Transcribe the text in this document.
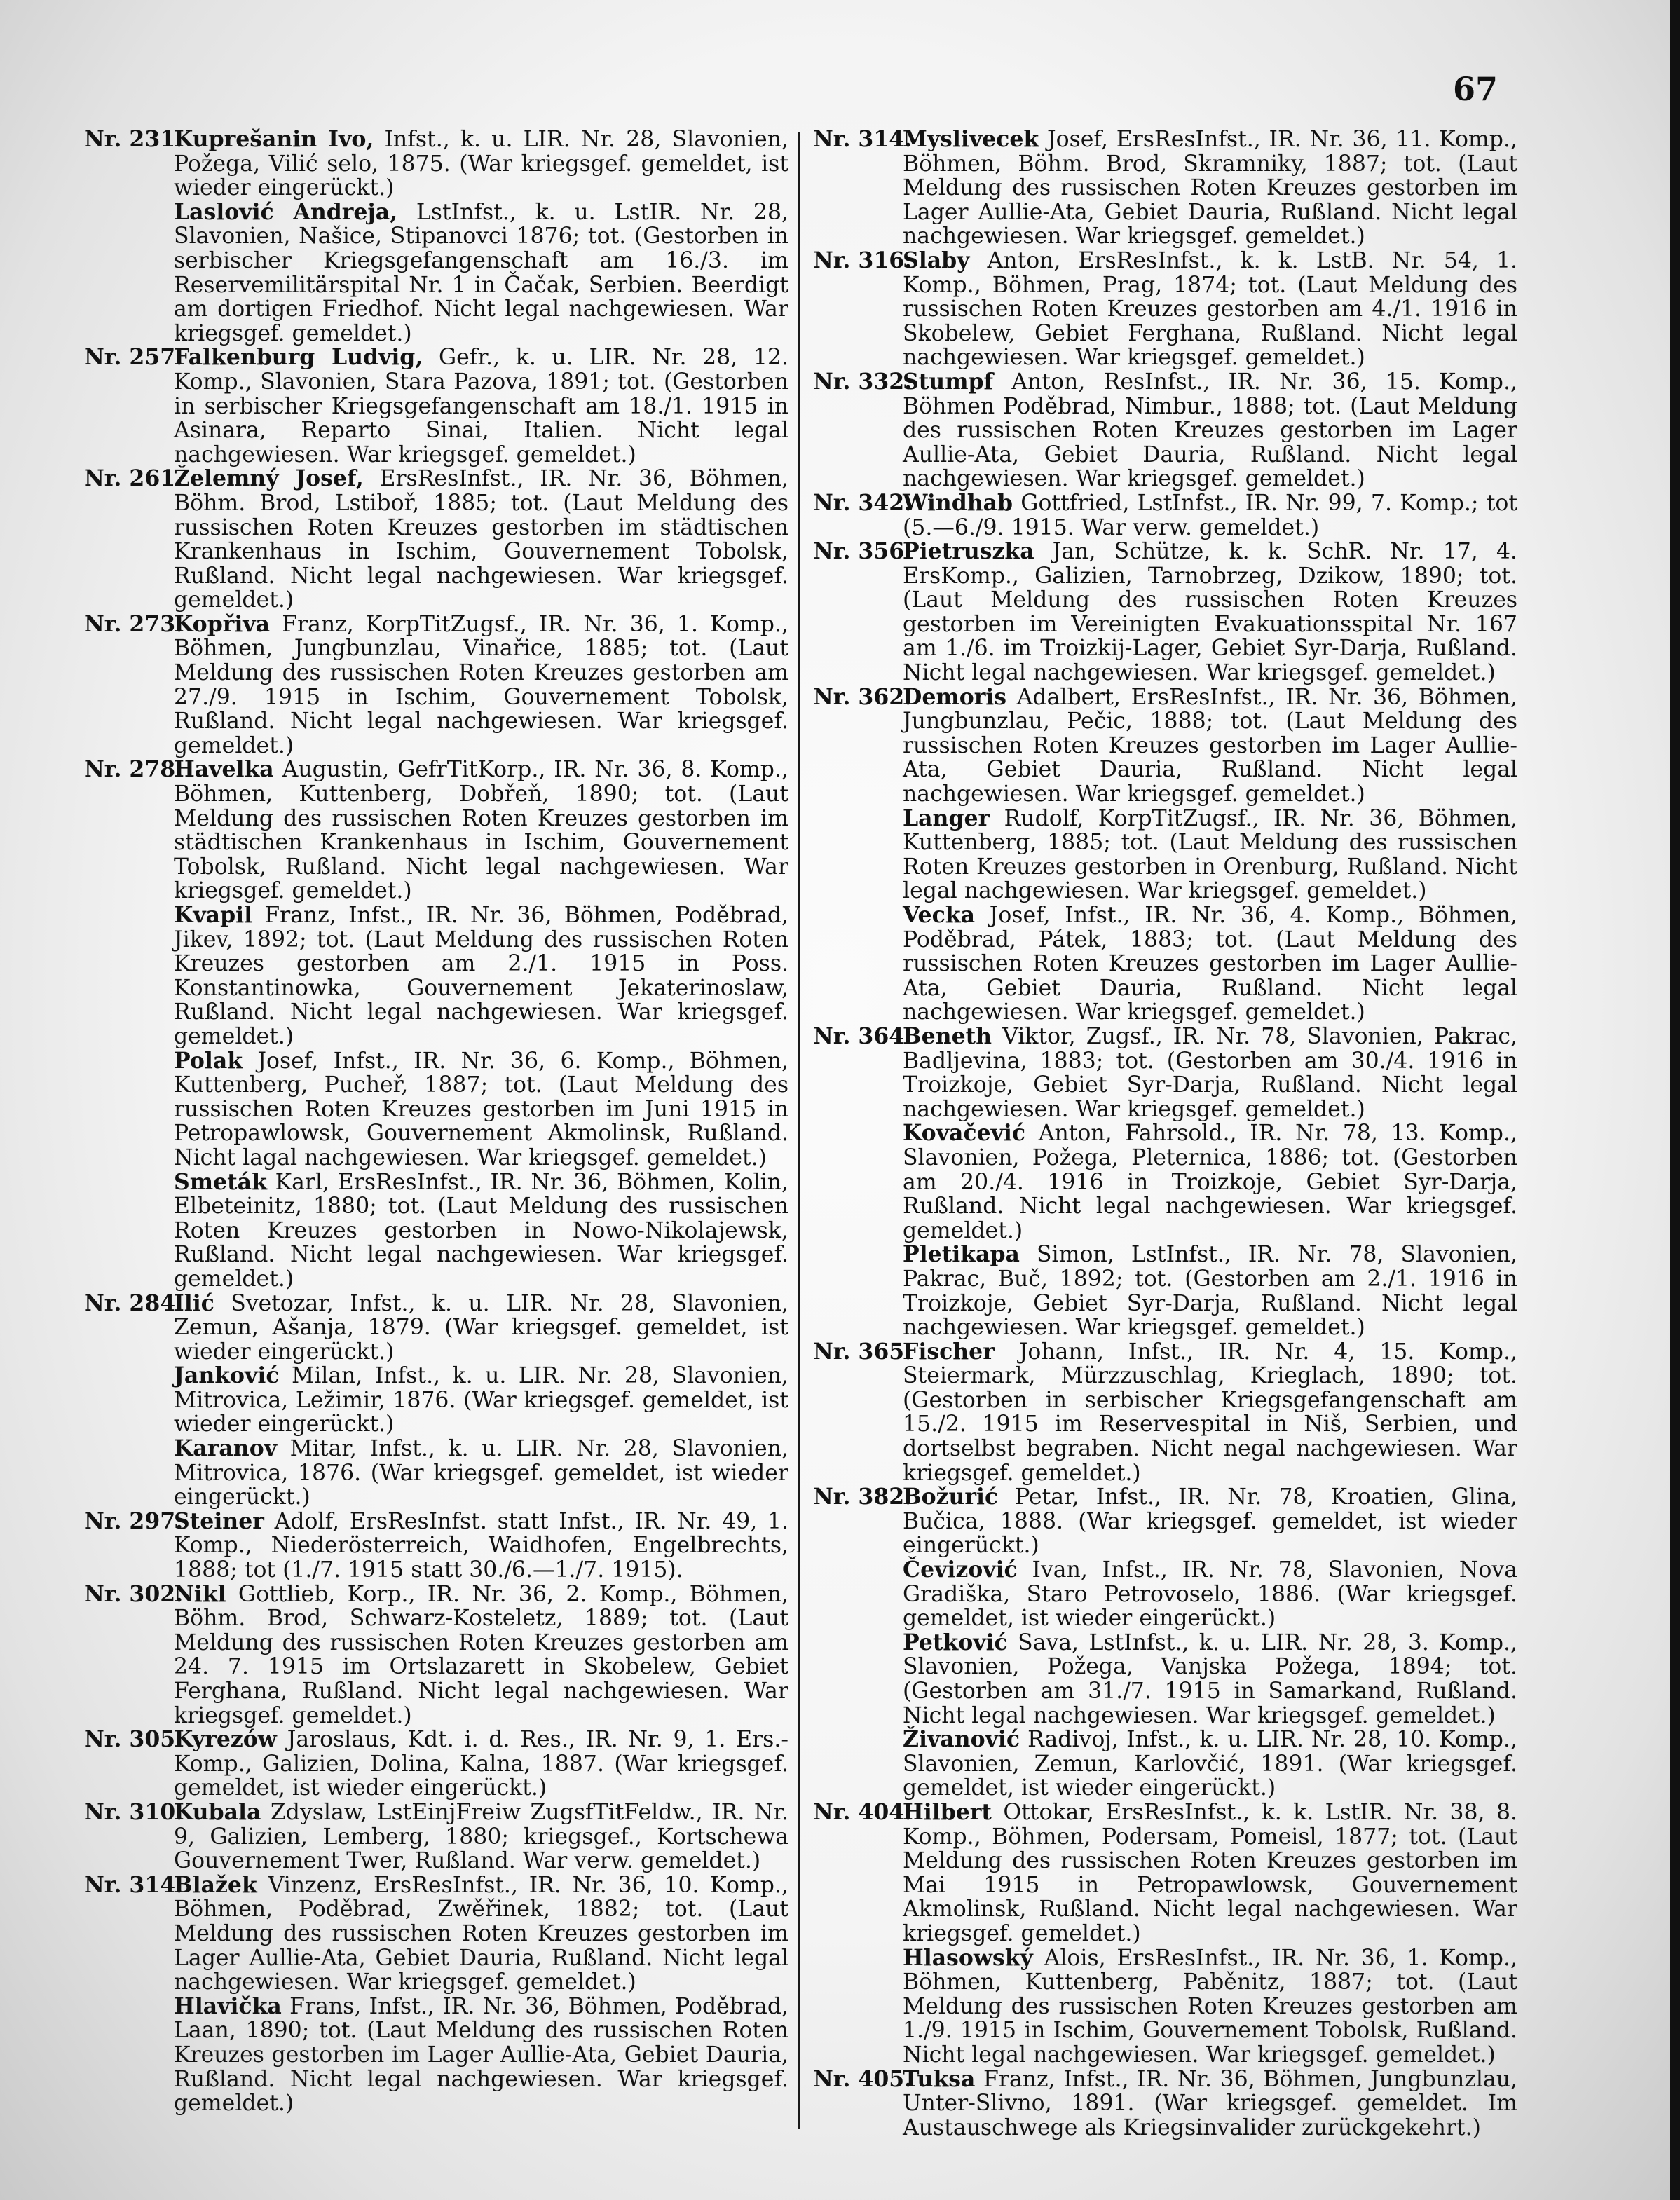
67
Nr. 231.
Kuprešanin Ivo, Infst., k. u. LIR. Nr. 28, Slavonien, Požega, Vilić selo, 1875. (War kriegsgef. gemeldet, ist wieder eingerückt.)
Laslović Andreja, LstInfst., k. u. LstIR. Nr. 28, Slavonien, Našice, Stipanovci 1876; tot. (Gestorben in serbischer Kriegsgefangenschaft am 16./3. im Reservemilitärspital Nr. 1 in Čačak, Serbien. Beerdigt am dortigen Friedhof. Nicht legal nachgewiesen. War kriegsgef. gemeldet.)
Nr. 257.
Falkenburg Ludvig, Gefr., k. u. LIR. Nr. 28, 12. Komp., Slavonien, Stara Pazova, 1891; tot. (Gestorben in serbischer Kriegsgefangenschaft am 18./1. 1915 in Asinara, Reparto Sinai, Italien. Nicht legal nachgewiesen. War kriegsgef. gemeldet.)
Nr. 261.
Želemný Josef, ErsResInfst., IR. Nr. 36, Böhmen, Böhm. Brod, Lstiboř, 1885; tot. (Laut Meldung des russischen Roten Kreuzes gestorben im städtischen Krankenhaus in Ischim, Gouvernement Tobolsk, Rußland. Nicht legal nachgewiesen. War kriegsgef. gemeldet.)
Nr. 273.
Kopřiva Franz, KorpTitZugsf., IR. Nr. 36, 1. Komp., Böhmen, Jungbunzlau, Vinařice, 1885; tot. (Laut Meldung des russischen Roten Kreuzes gestorben am 27./9. 1915 in Ischim, Gouvernement Tobolsk, Rußland. Nicht legal nachgewiesen. War kriegsgef. gemeldet.)
Nr. 278.
Havelka Augustin, GefrTitKorp., IR. Nr. 36, 8. Komp., Böhmen, Kuttenberg, Dobřeň, 1890; tot. (Laut Meldung des russischen Roten Kreuzes gestorben im städtischen Krankenhaus in Ischim, Gouvernement Tobolsk, Rußland. Nicht legal nachgewiesen. War kriegsgef. gemeldet.)
Kvapil Franz, Infst., IR. Nr. 36, Böhmen, Poděbrad, Jikev, 1892; tot. (Laut Meldung des russischen Roten Kreuzes gestorben am 2./1. 1915 in Poss. Konstantinowka, Gouvernement Jekaterinoslaw, Rußland. Nicht legal nachgewiesen. War kriegsgef. gemeldet.)
Polak Josef, Infst., IR. Nr. 36, 6. Komp., Böhmen, Kuttenberg, Pucheř, 1887; tot. (Laut Meldung des russischen Roten Kreuzes gestorben im Juni 1915 in Petropawlowsk, Gouvernement Akmolinsk, Rußland. Nicht lagal nachgewiesen. War kriegsgef. gemeldet.)
Smeták Karl, ErsResInfst., IR. Nr. 36, Böhmen, Kolin, Elbeteinitz, 1880; tot. (Laut Meldung des russischen Roten Kreuzes gestorben in Nowo-Nikolajewsk, Rußland. Nicht legal nachgewiesen. War kriegsgef. gemeldet.)
Nr. 284.
Ilić Svetozar, Infst., k. u. LIR. Nr. 28, Slavonien, Zemun, Ašanja, 1879. (War kriegsgef. gemeldet, ist wieder eingerückt.)
Janković Milan, Infst., k. u. LIR. Nr. 28, Slavonien, Mitrovica, Ležimir, 1876. (War kriegsgef. gemeldet, ist wieder eingerückt.)
Karanov Mitar, Infst., k. u. LIR. Nr. 28, Slavonien, Mitrovica, 1876. (War kriegsgef. gemeldet, ist wieder eingerückt.)
Nr. 297.
Steiner Adolf, ErsResInfst. statt Infst., IR. Nr. 49, 1. Komp., Niederösterreich, Waidhofen, Engelbrechts, 1888; tot (1./7. 1915 statt 30./6.—1./7. 1915).
Nr. 302.
Nikl Gottlieb, Korp., IR. Nr. 36, 2. Komp., Böhmen, Böhm. Brod, Schwarz-Kosteletz, 1889; tot. (Laut Meldung des russischen Roten Kreuzes gestorben am 24. 7. 1915 im Ortslazarett in Skobelew, Gebiet Ferghana, Rußland. Nicht legal nachgewiesen. War kriegsgef. gemeldet.)
Nr. 305.
Kyrezów Jaroslaus, Kdt. i. d. Res., IR. Nr. 9, 1. Ers.-Komp., Galizien, Dolina, Kalna, 1887. (War kriegsgef. gemeldet, ist wieder eingerückt.)
Nr. 310.
Kubala Zdyslaw, LstEinjFreiw ZugsfTitFeldw., IR. Nr. 9, Galizien, Lemberg, 1880; kriegsgef., Kortschewa Gouvernement Twer, Rußland. War verw. gemeldet.)
Nr. 314.
Blažek Vinzenz, ErsResInfst., IR. Nr. 36, 10. Komp., Böhmen, Poděbrad, Zwěřinek, 1882; tot. (Laut Meldung des russischen Roten Kreuzes gestorben im Lager Aullie-Ata, Gebiet Dauria, Rußland. Nicht legal nachgewiesen. War kriegsgef. gemeldet.)
Hlavička Frans, Infst., IR. Nr. 36, Böhmen, Poděbrad, Laan, 1890; tot. (Laut Meldung des russischen Roten Kreuzes gestorben im Lager Aullie-Ata, Gebiet Dauria, Rußland. Nicht legal nachgewiesen. War kriegsgef. gemeldet.)
Nr. 314.
Myslivecek Josef, ErsResInfst., IR. Nr. 36, 11. Komp., Böhmen, Böhm. Brod, Skramniky, 1887; tot. (Laut Meldung des russischen Roten Kreuzes gestorben im Lager Aullie-Ata, Gebiet Dauria, Rußland. Nicht legal nachgewiesen. War kriegsgef. gemeldet.)
Nr. 316.
Slaby Anton, ErsResInfst., k. k. LstB. Nr. 54, 1. Komp., Böhmen, Prag, 1874; tot. (Laut Meldung des russischen Roten Kreuzes gestorben am 4./1. 1916 in Skobelew, Gebiet Ferghana, Rußland. Nicht legal nachgewiesen. War kriegsgef. gemeldet.)
Nr. 332.
Stumpf Anton, ResInfst., IR. Nr. 36, 15. Komp., Böhmen Poděbrad, Nimbur., 1888; tot. (Laut Meldung des russischen Roten Kreuzes gestorben im Lager Aullie-Ata, Gebiet Dauria, Rußland. Nicht legal nachgewiesen. War kriegsgef. gemeldet.)
Nr. 342.
Windhab Gottfried, LstInfst., IR. Nr. 99, 7. Komp.; tot (5.—6./9. 1915. War verw. gemeldet.)
Nr. 356.
Pietruszka Jan, Schütze, k. k. SchR. Nr. 17, 4. ErsKomp., Galizien, Tarnobrzeg, Dzikow, 1890; tot. (Laut Meldung des russischen Roten Kreuzes gestorben im Vereinigten Evakuationsspital Nr. 167 am 1./6. im Troizkij-Lager, Gebiet Syr-Darja, Rußland. Nicht legal nachgewiesen. War kriegsgef. gemeldet.)
Nr. 362.
Demoris Adalbert, ErsResInfst., IR. Nr. 36, Böhmen, Jungbunzlau, Pečic, 1888; tot. (Laut Meldung des russischen Roten Kreuzes gestorben im Lager Aullie-Ata, Gebiet Dauria, Rußland. Nicht legal nachgewiesen. War kriegsgef. gemeldet.)
Langer Rudolf, KorpTitZugsf., IR. Nr. 36, Böhmen, Kuttenberg, 1885; tot. (Laut Meldung des russischen Roten Kreuzes gestorben in Orenburg, Rußland. Nicht legal nachgewiesen. War kriegsgef. gemeldet.)
Vecka Josef, Infst., IR. Nr. 36, 4. Komp., Böhmen, Poděbrad, Pátek, 1883; tot. (Laut Meldung des russischen Roten Kreuzes gestorben im Lager Aullie-Ata, Gebiet Dauria, Rußland. Nicht legal nachgewiesen. War kriegsgef. gemeldet.)
Nr. 364.
Beneth Viktor, Zugsf., IR. Nr. 78, Slavonien, Pakrac, Badljevina, 1883; tot. (Gestorben am 30./4. 1916 in Troizkoje, Gebiet Syr-Darja, Rußland. Nicht legal nachgewiesen. War kriegsgef. gemeldet.)
Kovačević Anton, Fahrsold., IR. Nr. 78, 13. Komp., Slavonien, Požega, Pleternica, 1886; tot. (Gestorben am 20./4. 1916 in Troizkoje, Gebiet Syr-Darja, Rußland. Nicht legal nachgewiesen. War kriegsgef. gemeldet.)
Pletikapa Simon, LstInfst., IR. Nr. 78, Slavonien, Pakrac, Buč, 1892; tot. (Gestorben am 2./1. 1916 in Troizkoje, Gebiet Syr-Darja, Rußland. Nicht legal nachgewiesen. War kriegsgef. gemeldet.)
Nr. 365.
Fischer Johann, Infst., IR. Nr. 4, 15. Komp., Steiermark, Mürzzuschlag, Krieglach, 1890; tot. (Gestorben in serbischer Kriegsgefangenschaft am 15./2. 1915 im Reservespital in Niš, Serbien, und dortselbst begraben. Nicht negal nachgewiesen. War kriegsgef. gemeldet.)
Nr. 382.
Božurić Petar, Infst., IR. Nr. 78, Kroatien, Glina, Bučica, 1888. (War kriegsgef. gemeldet, ist wieder eingerückt.)
Čevizović Ivan, Infst., IR. Nr. 78, Slavonien, Nova Gradiška, Staro Petrovoselo, 1886. (War kriegsgef. gemeldet, ist wieder eingerückt.)
Petković Sava, LstInfst., k. u. LIR. Nr. 28, 3. Komp., Slavonien, Požega, Vanjska Požega, 1894; tot. (Gestorben am 31./7. 1915 in Samarkand, Rußland. Nicht legal nachgewiesen. War kriegsgef. gemeldet.)
Živanović Radivoj, Infst., k. u. LIR. Nr. 28, 10. Komp., Slavonien, Zemun, Karlovčić, 1891. (War kriegsgef. gemeldet, ist wieder eingerückt.)
Nr. 404.
Hilbert Ottokar, ErsResInfst., k. k. LstIR. Nr. 38, 8. Komp., Böhmen, Podersam, Pomeisl, 1877; tot. (Laut Meldung des russischen Roten Kreuzes gestorben im Mai 1915 in Petropawlowsk, Gouvernement Akmolinsk, Rußland. Nicht legal nachgewiesen. War kriegsgef. gemeldet.)
Hlasowský Alois, ErsResInfst., IR. Nr. 36, 1. Komp., Böhmen, Kuttenberg, Paběnitz, 1887; tot. (Laut Meldung des russischen Roten Kreuzes gestorben am 1./9. 1915 in Ischim, Gouvernement Tobolsk, Rußland. Nicht legal nachgewiesen. War kriegsgef. gemeldet.)
Nr. 405.
Tuksa Franz, Infst., IR. Nr. 36, Böhmen, Jungbunzlau, Unter-Slivno, 1891. (War kriegsgef. gemeldet. Im Austauschwege als Kriegsinvalider zurückgekehrt.)
